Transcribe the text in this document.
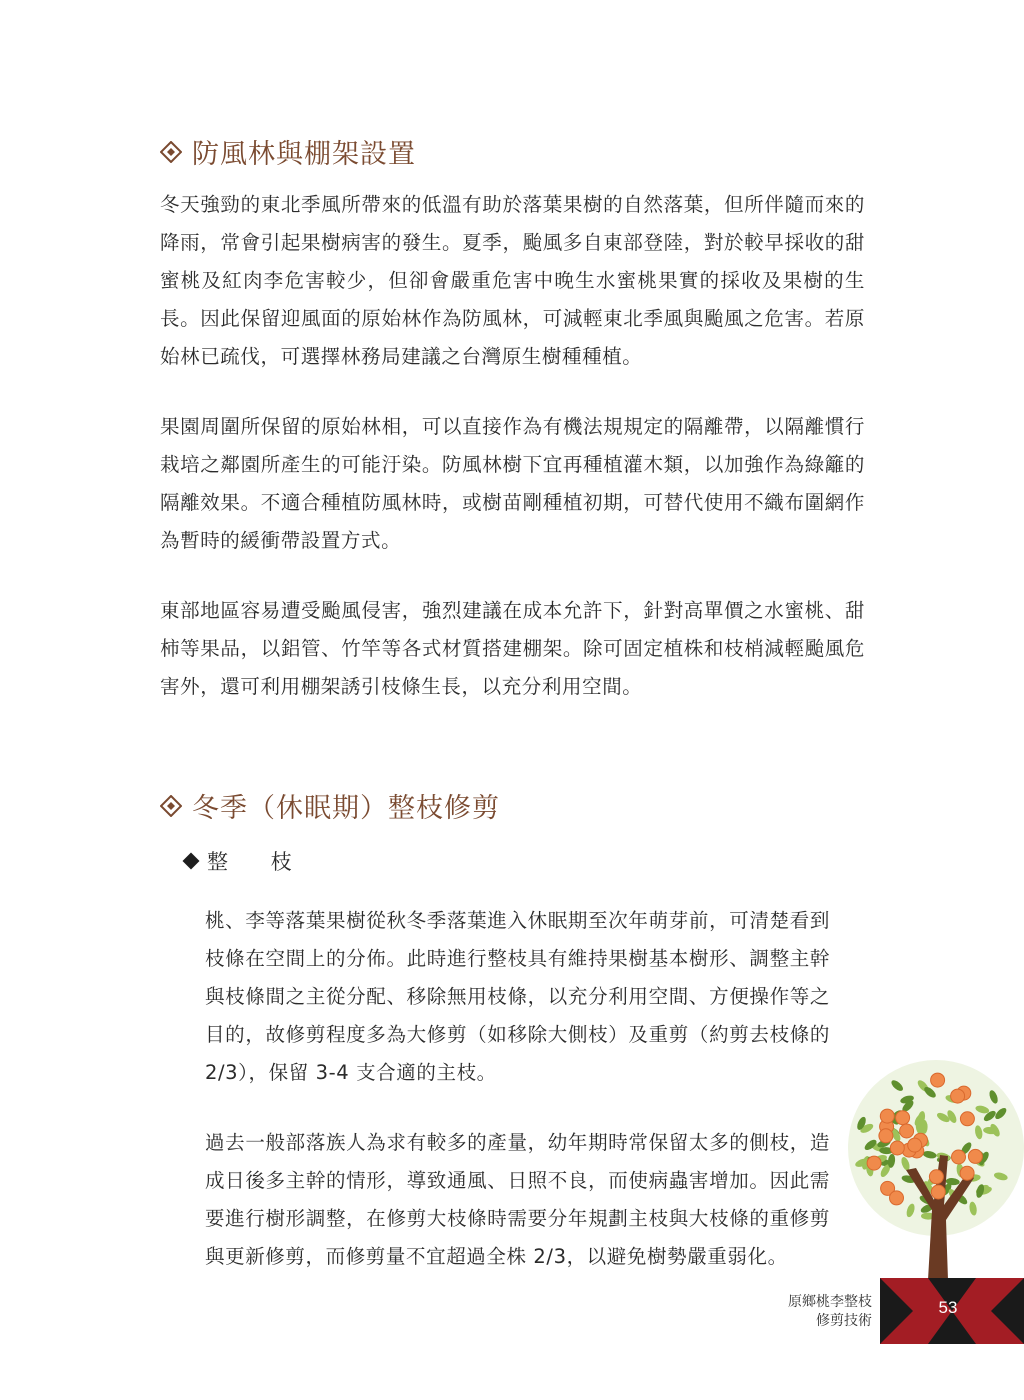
防風林與棚架設置
冬天強勁的東北季風所帶來的低溫有助於落葉果樹的自然落葉，但所伴隨而來的降雨，常會引起果樹病害的發生。夏季，颱風多自東部登陸，對於較早採收的甜蜜桃及紅肉李危害較少，但卻會嚴重危害中晚生水蜜桃果實的採收及果樹的生長。因此保留迎風面的原始林作為防風林，可減輕東北季風與颱風之危害。若原始林已疏伐，可選擇林務局建議之台灣原生樹種種植。
果園周圍所保留的原始林相，可以直接作為有機法規規定的隔離帶，以隔離慣行栽培之鄰園所產生的可能汙染。防風林樹下宜再種植灌木類，以加強作為綠籬的隔離效果。不適合種植防風林時，或樹苗剛種植初期，可替代使用不織布圍網作為暫時的緩衝帶設置方式。
東部地區容易遭受颱風侵害，強烈建議在成本允許下，針對高單價之水蜜桃、甜柿等果品，以鋁管、竹竿等各式材質搭建棚架。除可固定植株和枝梢減輕颱風危害外，還可利用棚架誘引枝條生長，以充分利用空間。
冬季（休眠期）整枝修剪
整 枝
桃、李等落葉果樹從秋冬季落葉進入休眠期至次年萌芽前，可清楚看到枝條在空間上的分佈。此時進行整枝具有維持果樹基本樹形、調整主幹與枝條間之主從分配、移除無用枝條，以充分利用空間、方便操作等之目的，故修剪程度多為大修剪（如移除大側枝）及重剪（約剪去枝條的 2/3），保留 3-4 支合適的主枝。
過去一般部落族人為求有較多的產量，幼年期時常保留太多的側枝，造成日後多主幹的情形，導致通風、日照不良，而使病蟲害增加。因此需要進行樹形調整，在修剪大枝條時需要分年規劃主枝與大枝條的重修剪與更新修剪，而修剪量不宜超過全株 2/3，以避免樹勢嚴重弱化。
53
原鄉桃李整枝
修剪技術
